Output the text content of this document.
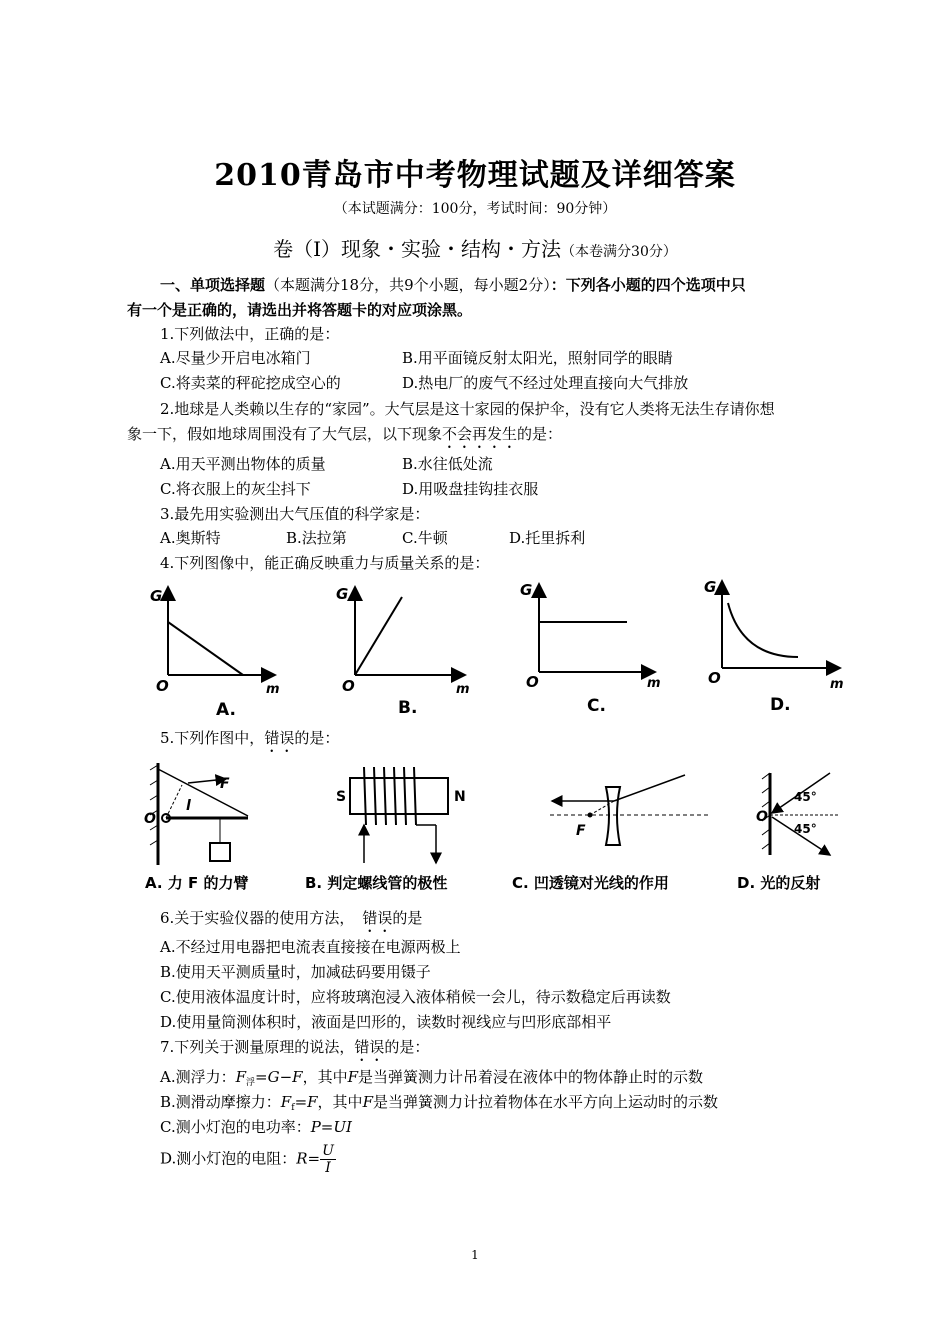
2010青岛市中考物理试题及详细答案
（本试题满分：100分，考试时间：90分钟）
卷（I）现象・实验・结构・方法（本卷满分30分）
一、单项选择题（本题满分18分，共9个小题，每小题2分）：下列各小题的四个选项中只
有一个是正确的，请选出并将答题卡的对应项涂黑。
1.下列做法中，正确的是：
A.尽量少开启电冰箱门	B.用平面镜反射太阳光，照射同学的眼睛
C.将卖菜的秤砣挖成空心的	D.热电厂的废气不经过处理直接向大气排放
2.地球是人类赖以生存的“家园”。大气层是这十家园的保护伞，没有它人类将无法生存请你想
象一下，假如地球周围没有了大气层，以下现象不会再发生的是：
A.用天平测出物体的质量	B.水往低处流
C.将衣服上的灰尘抖下	D.用吸盘挂钩挂衣服
3.最先用实验测出大气压值的科学家是：
A.奥斯特	B.法拉第	C.牛顿	D.托里拆利
4.下列图像中，能正确反映重力与质量关系的是：
G
O	m
A.
G
O	m
B.
G
O	m
C.
G
O	m
D.
5.下列作图中，错误的是：
F
l
O
S	N
F
45°
45°
O
A. 力 F 的力臂	B. 判定螺线管的极性	C. 凹透镜对光线的作用	D. 光的反射
6.关于实验仪器的使用方法， 错误的是
A.不经过用电器把电流表直接接在电源两极上
B.使用天平测质量时，加减砝码要用镊子
C.使用液体温度计时，应将玻璃泡浸入液体稍候一会儿，待示数稳定后再读数
D.使用量筒测体积时，液面是凹形的，读数时视线应与凹形底部相平
7.下列关于测量原理的说法，错误的是：
A.测浮力：$F_浮=G-F$，其中F是当弹簧测力计吊着浸在液体中的物体静止时的示数
B.测滑动摩擦力：$F_f=F$，其中F是当弹簧测力计拉着物体在水平方向上运动时的示数
C.测小灯泡的电功率：P=UI
D.测小灯泡的电阻：$R= \frac{U}{I}$
1
